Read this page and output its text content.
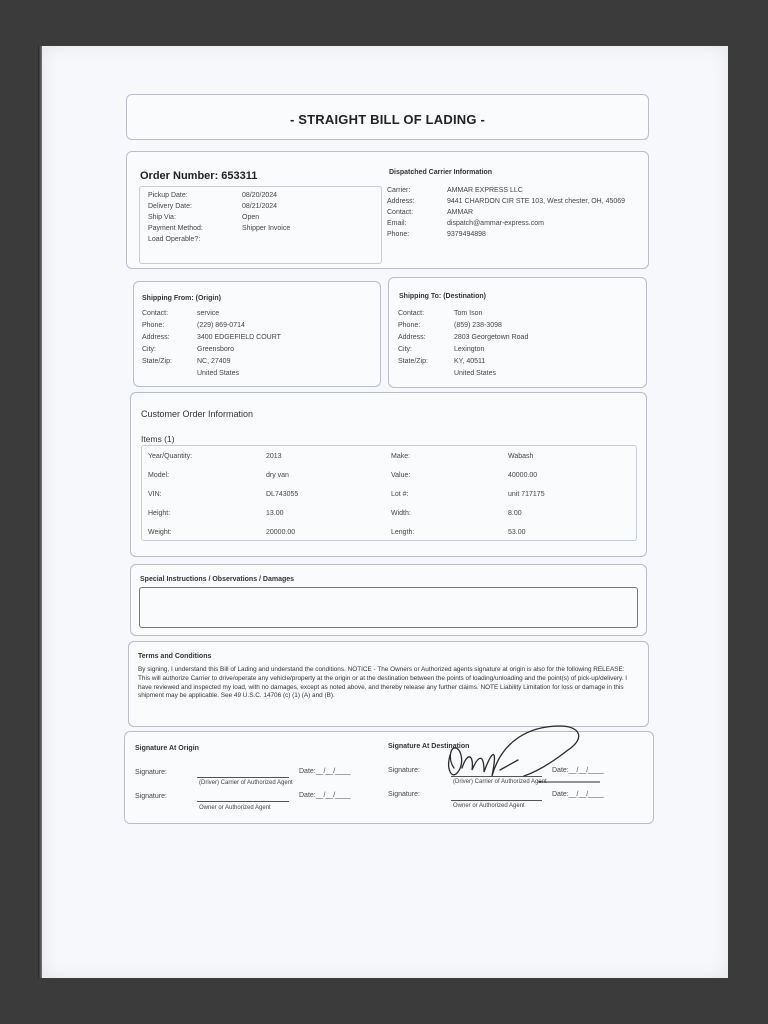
- STRAIGHT BILL OF LADING -
Order Number: 653311	Dispatched Carrier Information
Pickup Date:	08/20/2024
Delivery Date:	08/21/2024
Ship Via:	Open
Payment Method:	Shipper Invoice
Load Operable?:
Carrier:	AMMAR EXPRESS LLC
Address:	9441 CHARDON CIR STE 103, West chester, OH, 45069
Contact:	AMMAR
Email:	dispatch@ammar-express.com
Phone:	9379494898
Shipping From: (Origin)
Contact:	service
Phone:	(229) 869-0714
Address:	3400 EDGEFIELD COURT
City:	Greensboro
State/Zip:	NC, 27409
United States
Shipping To: (Destination)
Contact:	Tom Ison
Phone:	(859) 238-3098
Address:	2803 Georgetown Road
City:	Lexington
State/Zip:	KY, 40511
United States
Customer Order Information
Items (1)
Year/Quantity:	2013	Make:	Wabash
Model:	dry van	Value:	40000.00
VIN:	DL743055	Lot #:	unit 717175
Height:	13.00	Width:	8.00
Weight:	20000.00	Length:	53.00
Special Instructions / Observations / Damages
Terms and Conditions
By signing, I understand this Bill of Lading and understand the conditions. NOTICE - The Owners or Authorized agents signature at origin is also for the following RELEASE: This will authorize Carrier to drive/operate any vehicle/property at the origin or at the destination between the points of loading/unloading and the point(s) of pick-up/delivery. I have reviewed and inspected my load, with no damages, except as noted above, and thereby release any further claims. NOTE Liability Limitation for loss or damage in this shipment may be applicable. See 49 U.S.C. 14706 (c) (1) (A) and (B).
Signature At Origin	Signature At Destination
Signature:	Date:__/__/____
(Driver) Carrier of Authorized Agent
Signature:	Date:__/__/____
Owner or Authorized Agent
Signature:	Date:__/__/____
(Driver) Carrier of Authorized Agent
Signature:	Date:__/__/____
Owner or Authorized Agent
